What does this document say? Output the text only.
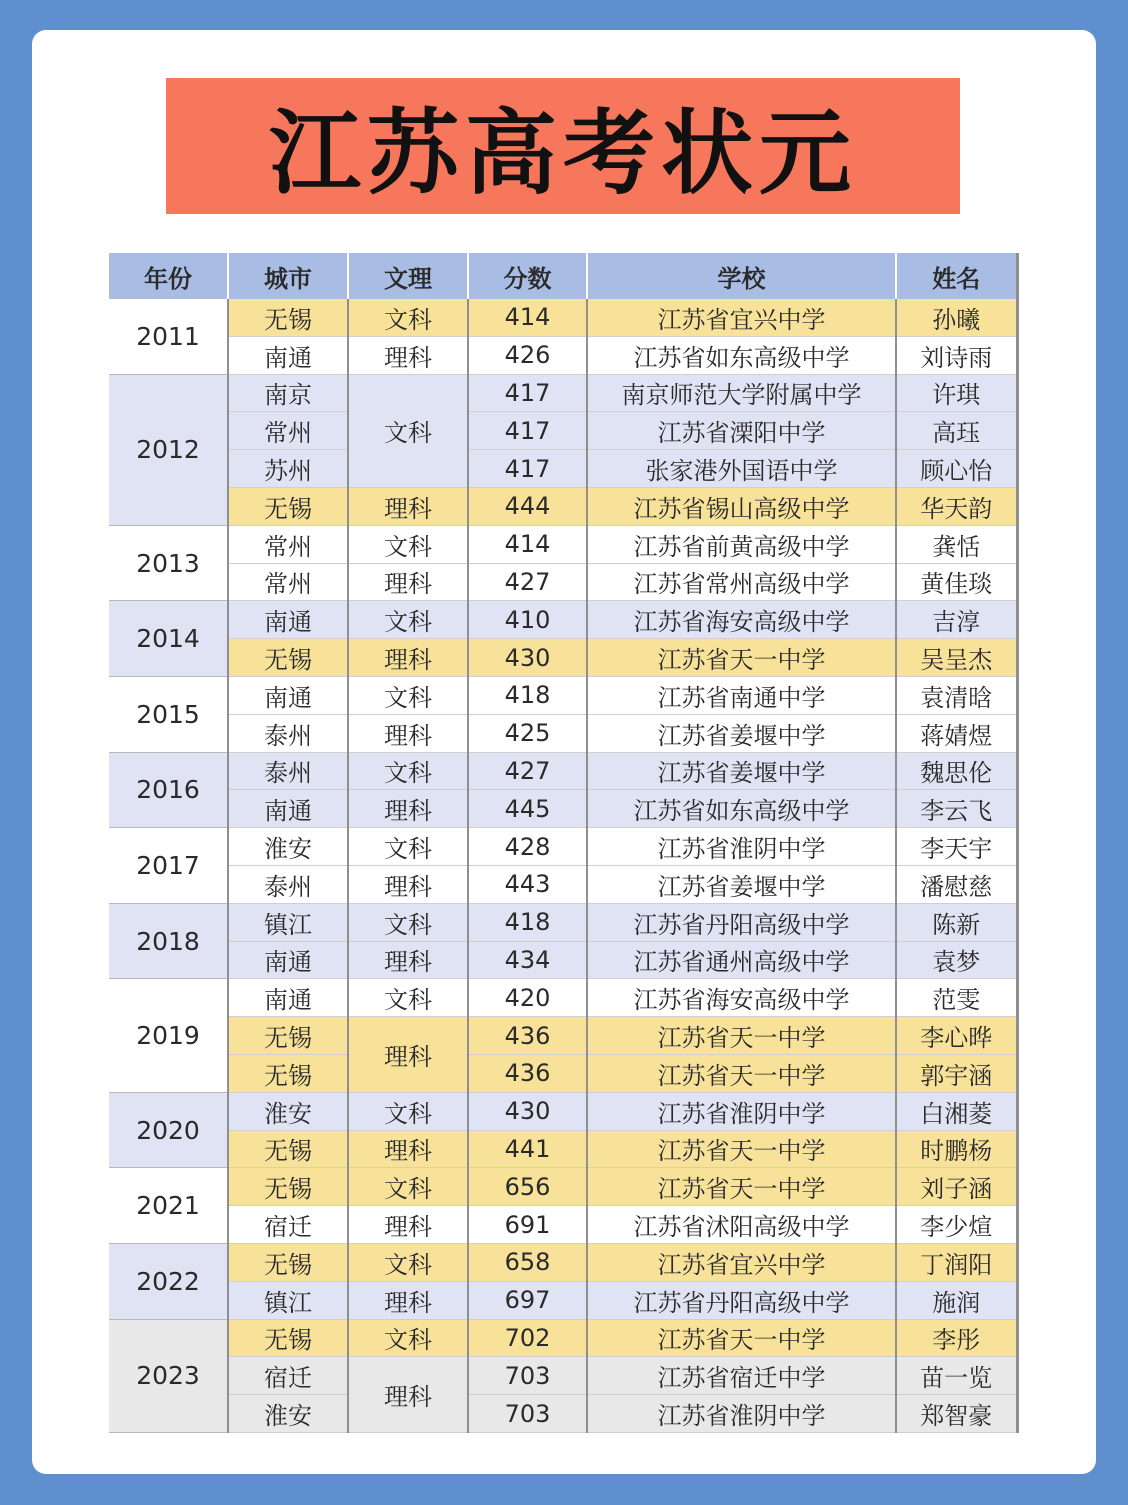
江苏高考状元
年份	城市	文理	分数	学校	姓名
2011	无锡	文科	414	江苏省宜兴中学	孙曦
	南通	理科	426	江苏省如东高级中学	刘诗雨
2012	南京	文科	417	南京师范大学附属中学	许琪
	常州		417	江苏省溧阳中学	高珏
	苏州		417	张家港外国语中学	顾心怡
	无锡	理科	444	江苏省锡山高级中学	华天韵
2013	常州	文科	414	江苏省前黄高级中学	龚恬
	常州	理科	427	江苏省常州高级中学	黄佳琰
2014	南通	文科	410	江苏省海安高级中学	吉淳
	无锡	理科	430	江苏省天一中学	吴呈杰
2015	南通	文科	418	江苏省南通中学	袁清晗
	泰州	理科	425	江苏省姜堰中学	蒋婧煜
2016	泰州	文科	427	江苏省姜堰中学	魏思伦
	南通	理科	445	江苏省如东高级中学	李云飞
2017	淮安	文科	428	江苏省淮阴中学	李天宇
	泰州	理科	443	江苏省姜堰中学	潘慰慈
2018	镇江	文科	418	江苏省丹阳高级中学	陈新
	南通	理科	434	江苏省通州高级中学	袁梦
2019	南通	文科	420	江苏省海安高级中学	范雯
	无锡	理科	436	江苏省天一中学	李心晔
	无锡		436	江苏省天一中学	郭宇涵
2020	淮安	文科	430	江苏省淮阴中学	白湘菱
	无锡	理科	441	江苏省天一中学	时鹏杨
2021	无锡	文科	656	江苏省天一中学	刘子涵
	宿迁	理科	691	江苏省沭阳高级中学	李少煊
2022	无锡	文科	658	江苏省宜兴中学	丁润阳
	镇江	理科	697	江苏省丹阳高级中学	施润
2023	无锡	文科	702	江苏省天一中学	李彤
	宿迁	理科	703	江苏省宿迁中学	苗一览
	淮安		703	江苏省淮阴中学	郑智豪
